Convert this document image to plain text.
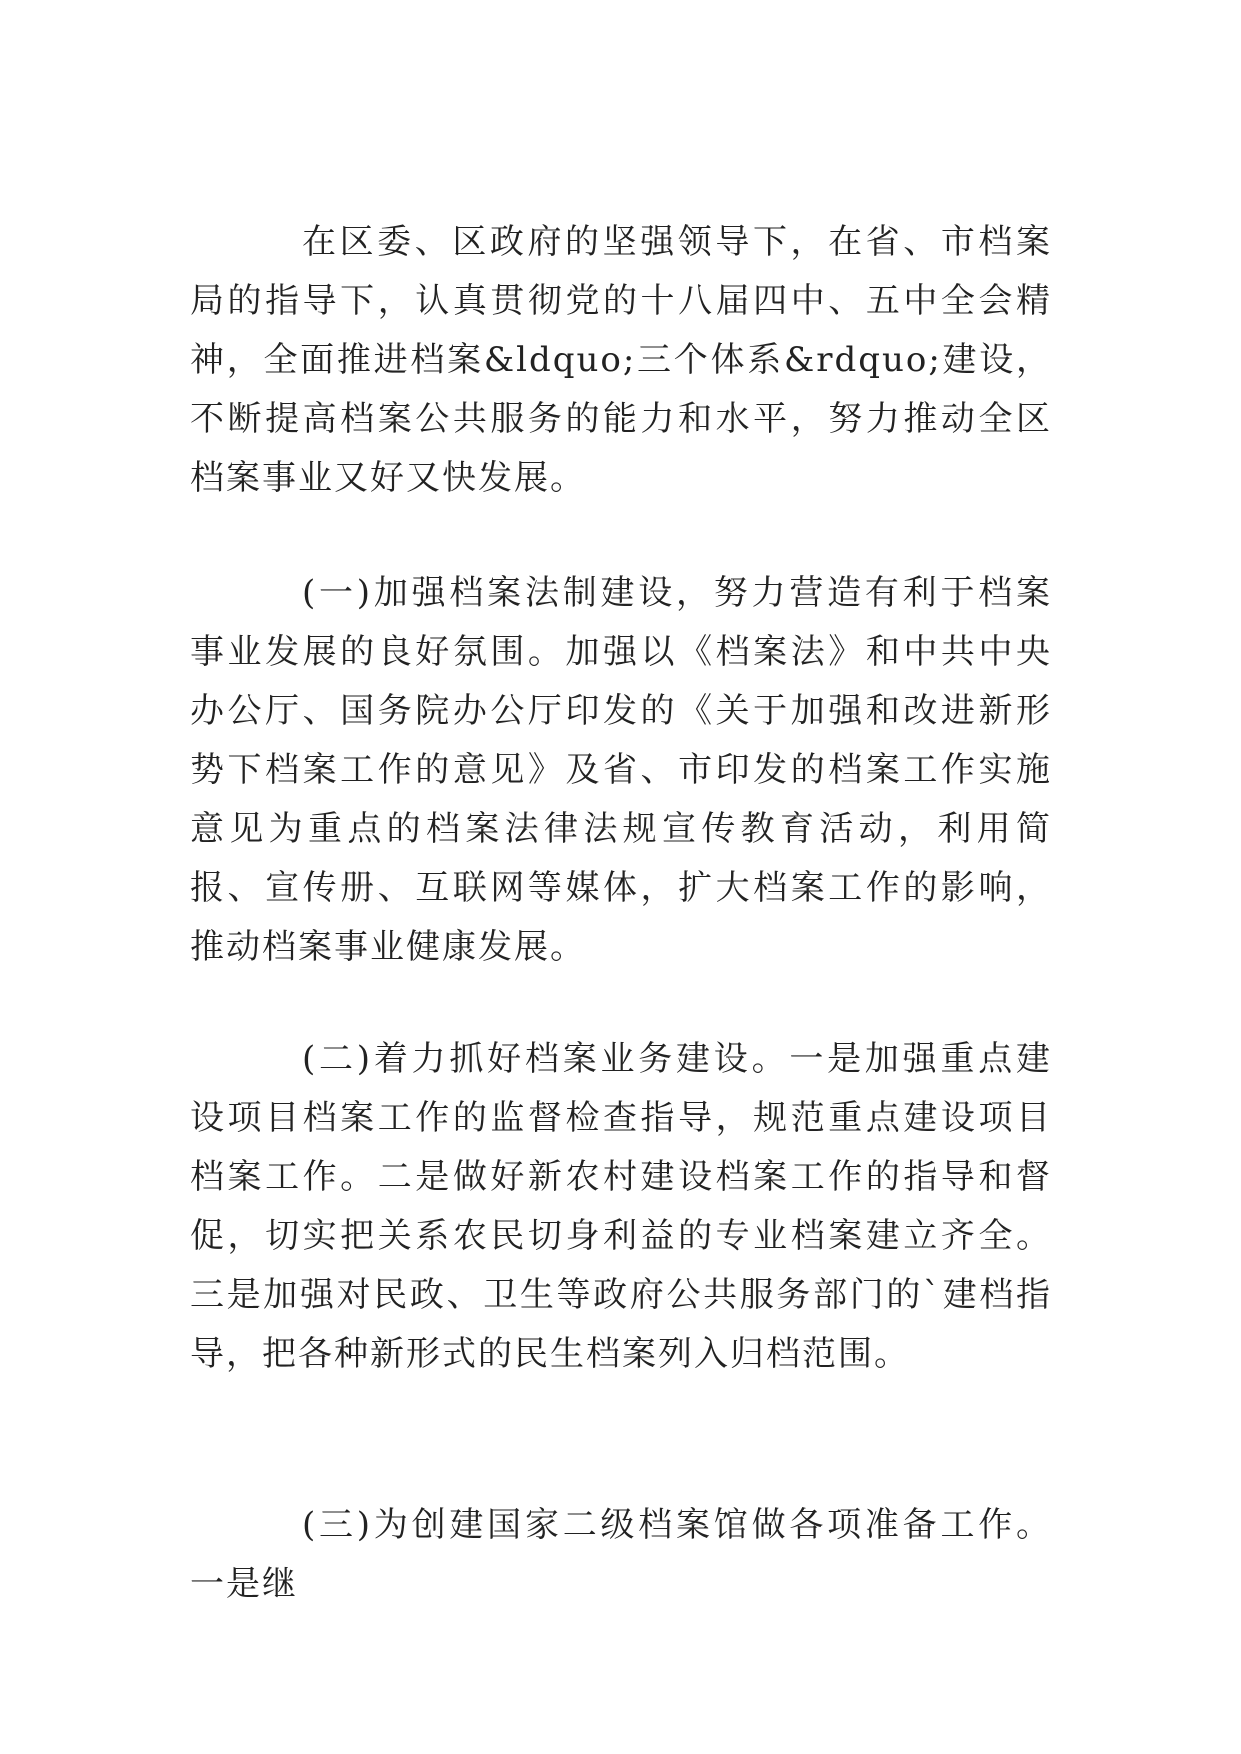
在区委、区政府的坚强领导下，在省、市档案局的指导下，认真贯彻党的十八届四中、五中全会精神，全面推进档案&ldquo;三个体系&rdquo;建设，不断提高档案公共服务的能力和水平，努力推动全区档案事业又好又快发展。

(一)加强档案法制建设，努力营造有利于档案事业发展的良好氛围。加强以《档案法》和中共中央办公厅、国务院办公厅印发的《关于加强和改进新形势下档案工作的意见》及省、市印发的档案工作实施意见为重点的档案法律法规宣传教育活动，利用简报、宣传册、互联网等媒体，扩大档案工作的影响，推动档案事业健康发展。

(二)着力抓好档案业务建设。一是加强重点建设项目档案工作的监督检查指导，规范重点建设项目档案工作。二是做好新农村建设档案工作的指导和督促，切实把关系农民切身利益的专业档案建立齐全。三是加强对民政、卫生等政府公共服务部门的`建档指导，把各种新形式的民生档案列入归档范围。

(三)为创建国家二级档案馆做各项准备工作。一是继
